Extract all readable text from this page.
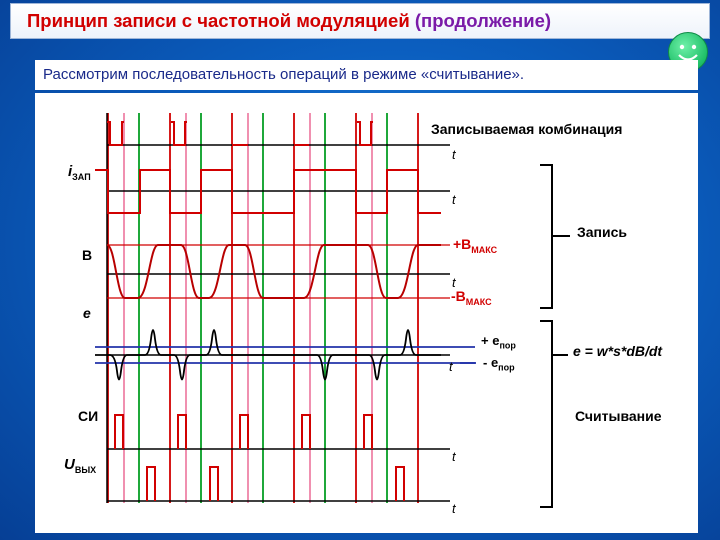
Принцип записи с частотной модуляцией (продолжение)
Рассмотрим последовательность операций в режиме «считывание».
Записываемая комбинация
$i_{ЗАП}$
B
e
СИ
$U_{ВЫХ}$
$+B_{МАКС}$
$-B_{МАКС}$
+ $e_{пор}$
- $e_{пор}$
t
t
t
t
t
t
Запись
e = w*s*dB/dt
Считывание
